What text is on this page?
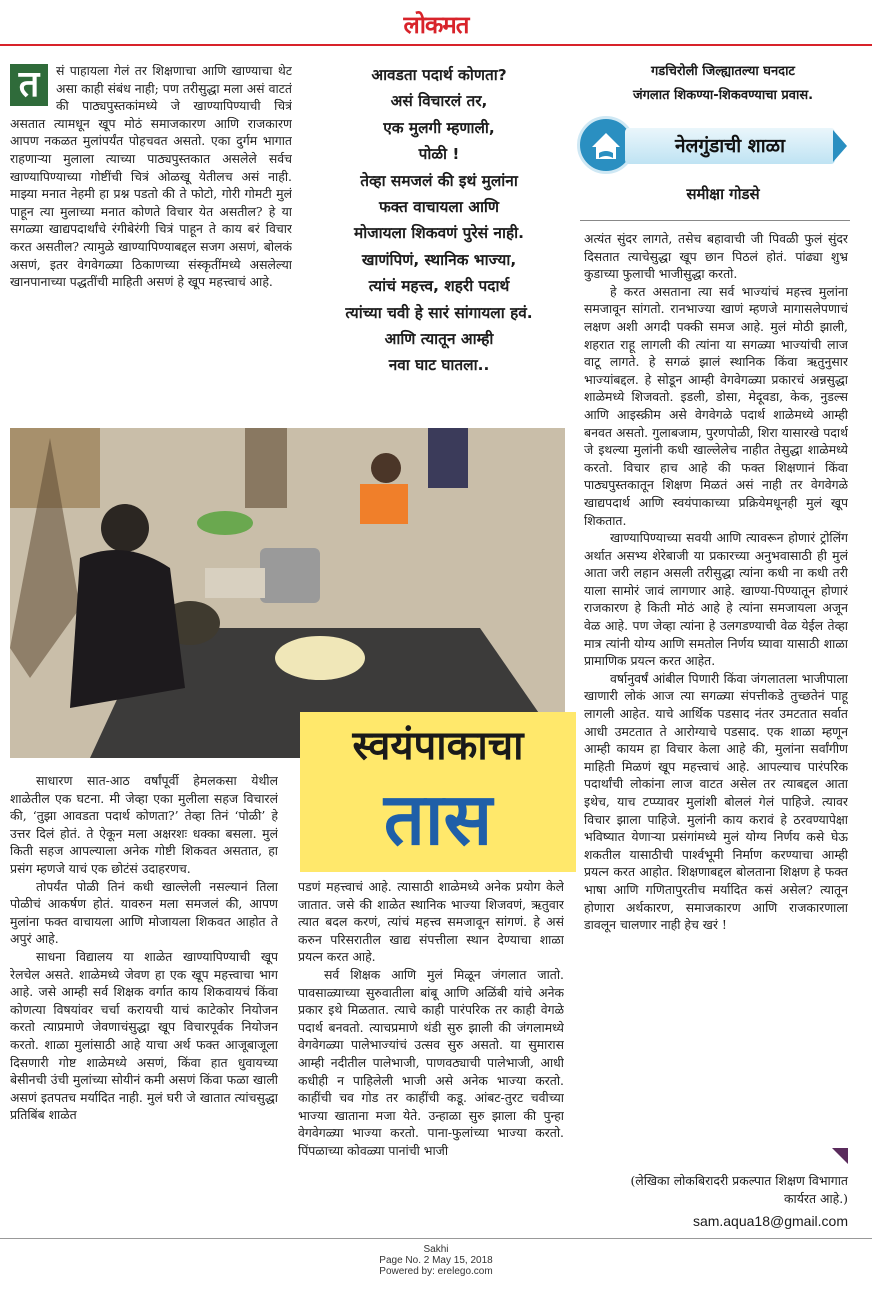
लोकमत
त	सं पाहायला गेलं तर शिक्षणाचा आणि खाण्याचा थेट असा काही संबंध नाही; पण तरीसुद्धा मला असं वाटतं की पाठ्यपुस्तकांमध्ये जे खाण्यापिण्याची चित्रं असतात त्यामधून खूप मोठं समाजकारण आणि राजकारण आपण नकळत मुलांपर्यंत पोहचवत असतो. एका दुर्गम भागात राहणाऱ्या मुलाला त्याच्या पाठ्यपुस्तकात असलेले सर्वच खाण्यापिण्याच्या गोष्टींची चित्रं ओळखू येतीलच असं नाही. माझ्या मनात नेहमी हा प्रश्न पडतो की ते फोटो, गोरी गोमटी मुलं पाहून त्या मुलाच्या मनात कोणते विचार येत असतील? हे या सगळ्या खाद्यपदार्थांचे रंगीबेरंगी चित्रं पाहून ते काय बरं विचार करत असतील? त्यामुळे खाण्यापिण्याबद्दल सजग असणं, बोलकं असणं, इतर वेगवेगळ्या ठिकाणच्या संस्कृतींमध्ये असलेल्या खानपानाच्या पद्धतींची माहिती असणं हे खूप महत्त्वाचं आहे.
आवडता पदार्थ कोणता?
असं विचारलं तर,
एक मुलगी म्हणाली,
पोळी !
तेव्हा समजलं की इथं मुलांना
फक्त वाचायला आणि
मोजायला शिकवणं पुरेसं नाही.
खाणंपिणं, स्थानिक भाज्या,
त्यांचं महत्त्व, शहरी पदार्थ
त्यांच्या चवी हे सारं सांगायला हवं.
आणि त्यातून आम्ही
नवा घाट घातला..
गडचिरोली जिल्ह्यातल्या घनदाट
जंगलात शिकण्या-शिकवण्याचा प्रवास.
नेलगुंडाची शाळा
समीक्षा गोडसे

अत्यंत सुंदर लागते, तसेच बहावाची जी पिवळी फुलं सुंदर दिसतात त्याचेसुद्धा खूप छान पिठलं होतं. पांढ्या शुभ्र कुडाच्या फुलाची भाजीसुद्धा करतो.

हे करत असताना त्या सर्व भाज्यांचं महत्त्व मुलांना समजावून सांगतो. रानभाज्या खाणं म्हणजे मागासलेपणाचं लक्षण अशी अगदी पक्की समज आहे. मुलं मोठी झाली, शहरात राहू लागली की त्यांना या सगळ्या भाज्यांची लाज वाटू लागते. हे सगळं झालं स्थानिक किंवा ऋतुनुसार भाज्यांबद्दल. हे सोडून आम्ही वेगवेगळ्या प्रकारचं अन्नसुद्धा शाळेमध्ये शिजवतो. इडली, डोसा, मेदूवडा, केक, नुडल्स आणि आइस्क्रीम असे वेगवेगळे पदार्थ शाळेमध्ये आम्ही बनवत असतो. गुलाबजाम, पुरणपोळी, शिरा यासारखे पदार्थ जे इथल्या मुलांनी कधी खाल्लेलेच नाहीत तेसुद्धा शाळेमध्ये करतो. विचार हाच आहे की फक्त शिक्षणानं किंवा पाठ्यपुस्तकातून शिक्षण मिळतं असं नाही तर वेगवेगळे खाद्यपदार्थ आणि स्वयंपाकाच्या प्रक्रियेमधूनही मुलं खूप शिकतात.

खाण्यापिण्याच्या सवयी आणि त्यावरून होणारं ट्रोलिंग अर्थात असभ्य शेरेबाजी या प्रकारच्या अनुभवासाठी ही मुलं आता जरी लहान असली तरीसुद्धा त्यांना कधी ना कधी तरी याला सामोरं जावं लागणार आहे. खाण्या-पिण्यातून होणारं राजकारण हे किती मोठं आहे हे त्यांना समजायला अजून वेळ आहे. पण जेव्हा त्यांना हे उलगडण्याची वेळ येईल तेव्हा मात्र त्यांनी योग्य आणि समतोल निर्णय घ्यावा यासाठी शाळा प्रामाणिक प्रयत्न करत आहेत.

वर्षानुवर्षं आंबील पिणारी किंवा जंगलातला भाजीपाला खाणारी लोकं आज त्या सगळ्या संपत्तीकडे तुच्छतेनं पाहू लागली आहेत. याचे आर्थिक पडसाद नंतर उमटतात सर्वात आधी उमटतात ते आरोग्याचे पडसाद. एक शाळा म्हणून आम्ही कायम हा विचार केला आहे की, मुलांना सर्वांगीण माहिती मिळणं खूप महत्त्वाचं आहे. आपल्याच पारंपरिक पदार्थांची लोकांना लाज वाटत असेल तर त्याबद्दल आता इथेच, याच टप्प्यावर मुलांशी बोललं गेलं पाहिजे. त्यावर विचार झाला पाहिजे. मुलांनी काय करावं हे ठरवण्यापेक्षा भविष्यात येणाऱ्या प्रसंगांमध्ये मुलं योग्य निर्णय कसे घेऊ शकतील यासाठीची पार्श्वभूमी निर्माण करण्याचा आम्ही प्रयत्न करत आहोत. शिक्षणाबद्दल बोलताना शिक्षण हे फक्त भाषा आणि गणितापुरतीच मर्यादित कसं असेल? त्यातून होणारा अर्थकारण, समाजकारण आणि राजकारणाला डावलून चालणार नाही हेच खरं !

(लेखिका लोकबिरादरी प्रकल्पात शिक्षण विभागात कार्यरत आहे.)
sam.aqua18@gmail.com
स्वयंपाकाचा
तास

साधारण सात-आठ वर्षांपूर्वी हेमलकसा येथील शाळेतील एक घटना. मी जेव्हा एका मुलीला सहज विचारलं की, ‘तुझा आवडता पदार्थ कोणता?’ तेव्हा तिनं ‘पोळी’ हे उत्तर दिलं होतं. ते ऐकून मला अक्षरशः धक्का बसला. मुलं किती सहज आपल्याला अनेक गोष्टी शिकवत असतात, हा प्रसंग म्हणजे याचं एक छोटंसं उदाहरणच.

तोपर्यंत पोळी तिनं कधी खाल्लेली नसल्यानं तिला पोळीचं आकर्षण होतं. यावरुन मला समजलं की, आपण मुलांना फक्त वाचायला आणि मोजायला शिकवत आहोत ते अपुरं आहे.

साधना विद्यालय या शाळेत खाण्यापिण्याची खूप रेलचेल असते. शाळेमध्ये जेवण हा एक खूप महत्त्वाचा भाग आहे. जसे आम्ही सर्व शिक्षक वर्गात काय शिकवायचं किंवा कोणत्या विषयांवर चर्चा करायची याचं काटेकोर नियोजन करतो त्याप्रमाणे जेवणाचंसुद्धा खूप विचारपूर्वक नियोजन करतो. शाळा मुलांसाठी आहे याचा अर्थ फक्त आजूबाजूला दिसणारी गोष्ट शाळेमध्ये असणं, किंवा हात धुवायच्या बेसीनची उंची मुलांच्या सोयीनं कमी असणं किंवा फळा खाली असणं इतपतच मर्यादित नाही. मुलं घरी जे खातात त्यांचसुद्धा प्रतिबिंब शाळेत

पडणं महत्त्वाचं आहे. त्यासाठी शाळेमध्ये अनेक प्रयोग केले जातात. जसे की शाळेत स्थानिक भाज्या शिजवणं, ऋतुवार त्यात बदल करणं, त्यांचं महत्त्व समजावून सांगणं. हे असं करुन परिसरातील खाद्य संपत्तीला स्थान देण्याचा शाळा प्रयत्न करत आहे.

सर्व शिक्षक आणि मुलं मिळून जंगलात जातो. पावसाळ्याच्या सुरुवातीला बांबू आणि अळिंबी यांचे अनेक प्रकार इथे मिळतात. त्याचे काही पारंपरिक तर काही वेगळे पदार्थ बनवतो. त्याचप्रमाणे थंडी सुरु झाली की जंगलामध्ये वेगवेगळ्या पालेभाज्यांचं उत्सव सुरु असतो. या सुमारास आम्ही नदीतील पालेभाजी, पाणवठ्याची पालेभाजी, आधी कधीही न पाहिलेली भाजी असे अनेक भाज्या करतो. काहींची चव गोड तर काहींची कडू. आंबट-तुरट चवीच्या भाज्या खाताना मजा येते. उन्हाळा सुरु झाला की पुन्हा वेगवेगळ्या भाज्या करतो. पाना-फुलांच्या भाज्या करतो. पिंपळाच्या कोवळ्या पानांची भाजी

Sakhi
Page No. 2 May 15, 2018
Powered by: erelego.com
